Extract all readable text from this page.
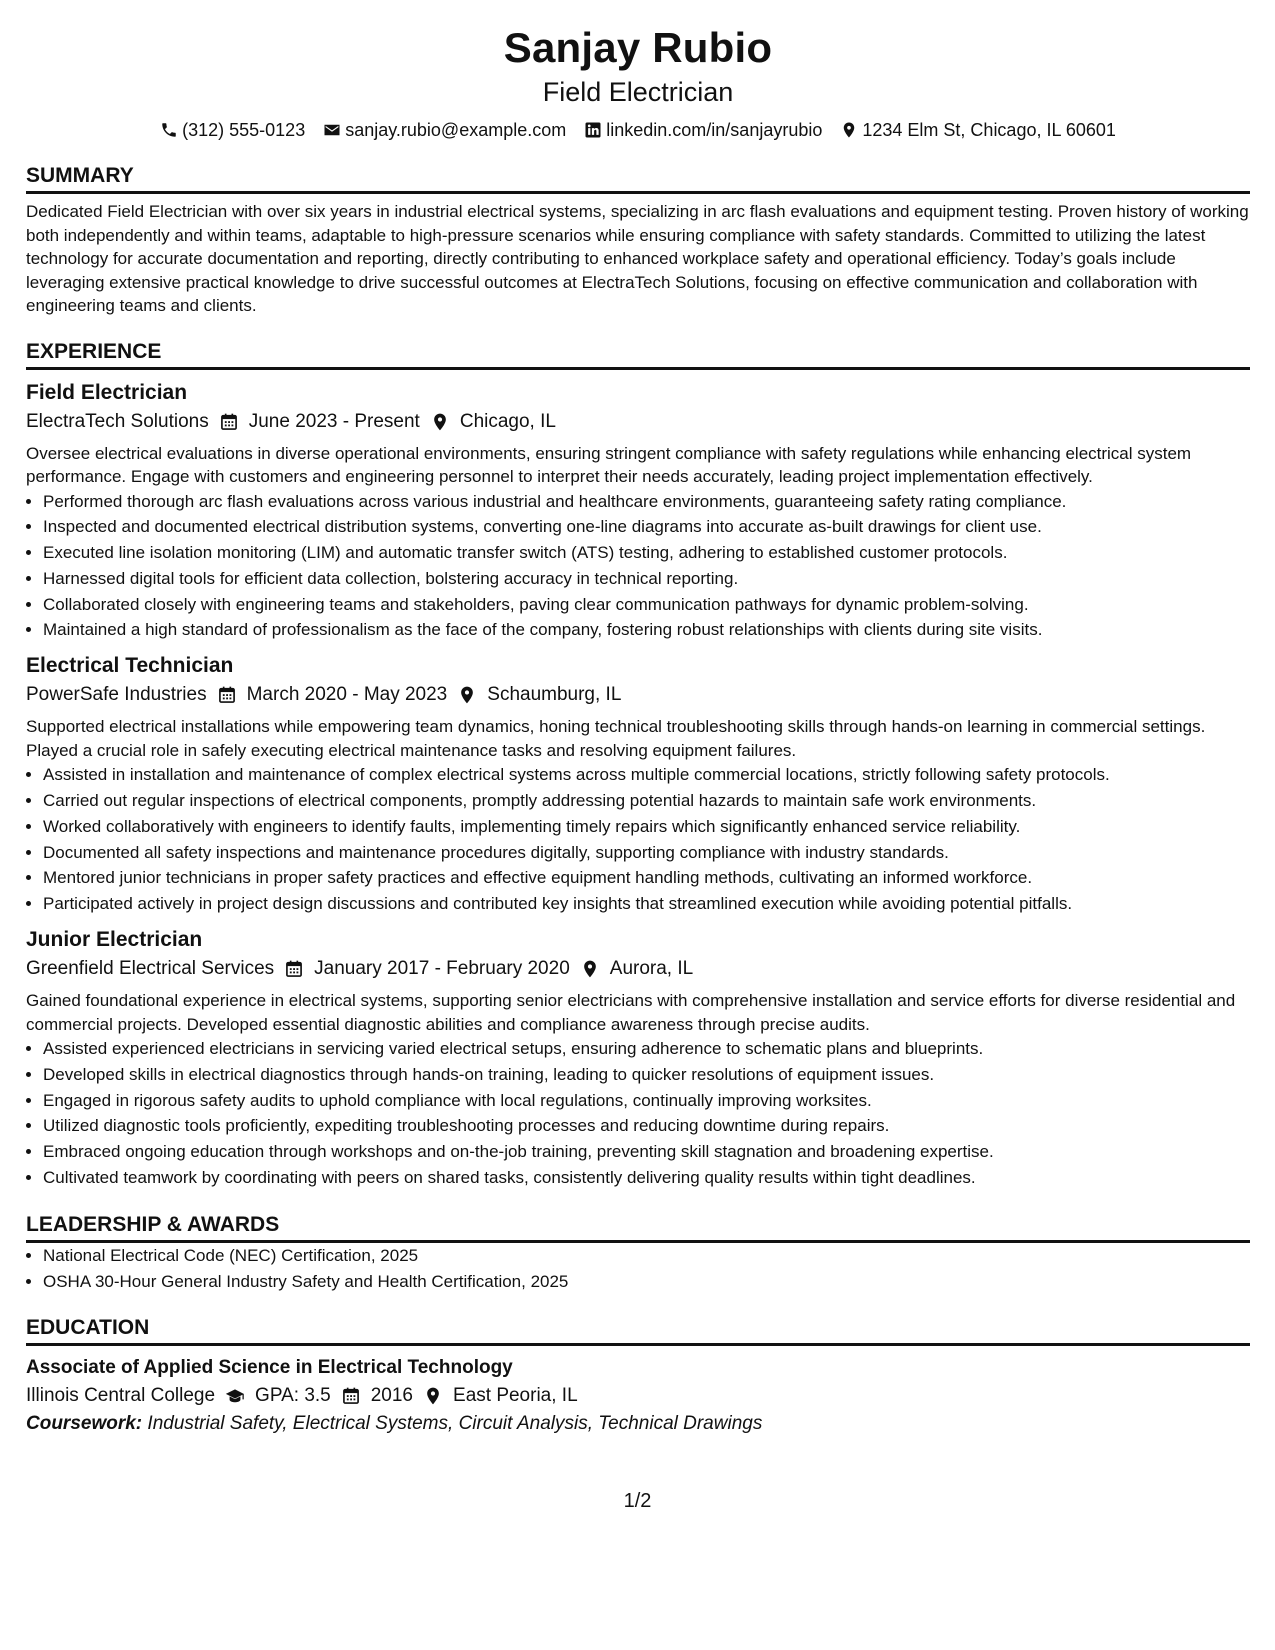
Sanjay Rubio
Field Electrician
(312) 555-0123 sanjay.rubio@example.com linkedin.com/in/sanjayrubio 1234 Elm St, Chicago, IL 60601
SUMMARY
Dedicated Field Electrician with over six years in industrial electrical systems, specializing in arc flash evaluations and equipment testing. Proven history of working both independently and within teams, adaptable to high-pressure scenarios while ensuring compliance with safety standards. Committed to utilizing the latest technology for accurate documentation and reporting, directly contributing to enhanced workplace safety and operational efficiency. Today’s goals include leveraging extensive practical knowledge to drive successful outcomes at ElectraTech Solutions, focusing on effective communication and collaboration with engineering teams and clients.
EXPERIENCE
Field Electrician
ElectraTech Solutions June 2023 - Present Chicago, IL
Oversee electrical evaluations in diverse operational environments, ensuring stringent compliance with safety regulations while enhancing electrical system performance. Engage with customers and engineering personnel to interpret their needs accurately, leading project implementation effectively.
• Performed thorough arc flash evaluations across various industrial and healthcare environments, guaranteeing safety rating compliance.
• Inspected and documented electrical distribution systems, converting one-line diagrams into accurate as-built drawings for client use.
• Executed line isolation monitoring (LIM) and automatic transfer switch (ATS) testing, adhering to established customer protocols.
• Harnessed digital tools for efficient data collection, bolstering accuracy in technical reporting.
• Collaborated closely with engineering teams and stakeholders, paving clear communication pathways for dynamic problem-solving.
• Maintained a high standard of professionalism as the face of the company, fostering robust relationships with clients during site visits.
Electrical Technician
PowerSafe Industries March 2020 - May 2023 Schaumburg, IL
Supported electrical installations while empowering team dynamics, honing technical troubleshooting skills through hands-on learning in commercial settings. Played a crucial role in safely executing electrical maintenance tasks and resolving equipment failures.
• Assisted in installation and maintenance of complex electrical systems across multiple commercial locations, strictly following safety protocols.
• Carried out regular inspections of electrical components, promptly addressing potential hazards to maintain safe work environments.
• Worked collaboratively with engineers to identify faults, implementing timely repairs which significantly enhanced service reliability.
• Documented all safety inspections and maintenance procedures digitally, supporting compliance with industry standards.
• Mentored junior technicians in proper safety practices and effective equipment handling methods, cultivating an informed workforce.
• Participated actively in project design discussions and contributed key insights that streamlined execution while avoiding potential pitfalls.
Junior Electrician
Greenfield Electrical Services January 2017 - February 2020 Aurora, IL
Gained foundational experience in electrical systems, supporting senior electricians with comprehensive installation and service efforts for diverse residential and commercial projects. Developed essential diagnostic abilities and compliance awareness through precise audits.
• Assisted experienced electricians in servicing varied electrical setups, ensuring adherence to schematic plans and blueprints.
• Developed skills in electrical diagnostics through hands-on training, leading to quicker resolutions of equipment issues.
• Engaged in rigorous safety audits to uphold compliance with local regulations, continually improving worksites.
• Utilized diagnostic tools proficiently, expediting troubleshooting processes and reducing downtime during repairs.
• Embraced ongoing education through workshops and on-the-job training, preventing skill stagnation and broadening expertise.
• Cultivated teamwork by coordinating with peers on shared tasks, consistently delivering quality results within tight deadlines.
LEADERSHIP & AWARDS
• National Electrical Code (NEC) Certification, 2025
• OSHA 30-Hour General Industry Safety and Health Certification, 2025
EDUCATION
Associate of Applied Science in Electrical Technology
Illinois Central College GPA: 3.5 2016 East Peoria, IL
Coursework: Industrial Safety, Electrical Systems, Circuit Analysis, Technical Drawings
1/2
